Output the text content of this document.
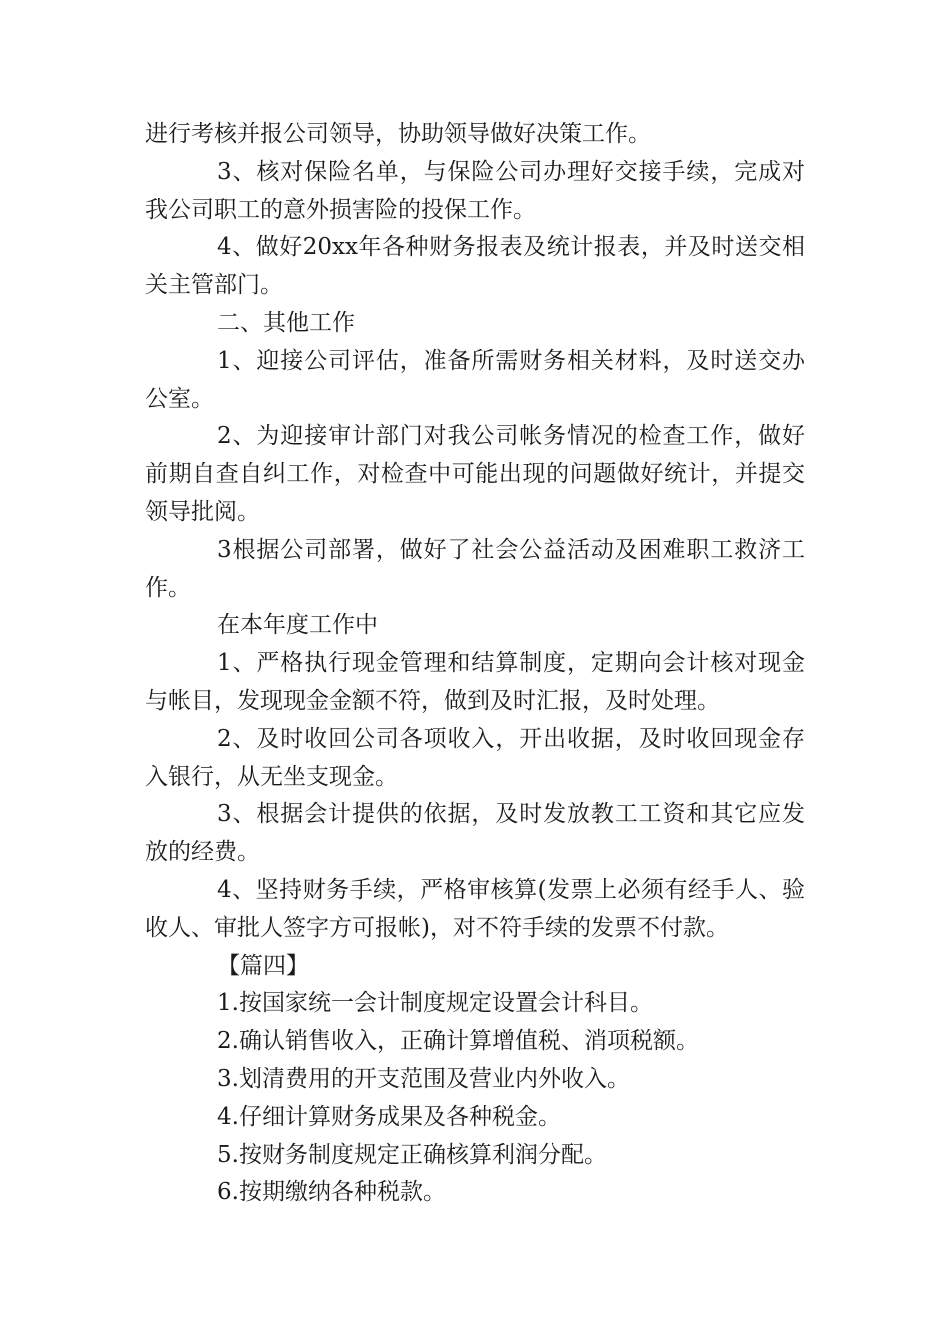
进行考核并报公司领导，协助领导做好决策工作。

3、核对保险名单，与保险公司办理好交接手续，完成对我公司职工的意外损害险的投保工作。

4、做好20xx年各种财务报表及统计报表，并及时送交相关主管部门。

二、其他工作

1、迎接公司评估，准备所需财务相关材料，及时送交办公室。

2、为迎接审计部门对我公司帐务情况的检查工作，做好前期自查自纠工作，对检查中可能出现的问题做好统计，并提交领导批阅。

3根据公司部署，做好了社会公益活动及困难职工救济工作。

在本年度工作中

1、严格执行现金管理和结算制度，定期向会计核对现金与帐目，发现现金金额不符，做到及时汇报，及时处理。

2、及时收回公司各项收入，开出收据，及时收回现金存入银行，从无坐支现金。

3、根据会计提供的依据，及时发放教工工资和其它应发放的经费。

4、坚持财务手续，严格审核算(发票上必须有经手人、验收人、审批人签字方可报帐)，对不符手续的发票不付款。

【篇四】

1.按国家统一会计制度规定设置会计科目。

2.确认销售收入，正确计算增值税、消项税额。

3.划清费用的开支范围及营业内外收入。

4.仔细计算财务成果及各种税金。

5.按财务制度规定正确核算利润分配。

6.按期缴纳各种税款。
